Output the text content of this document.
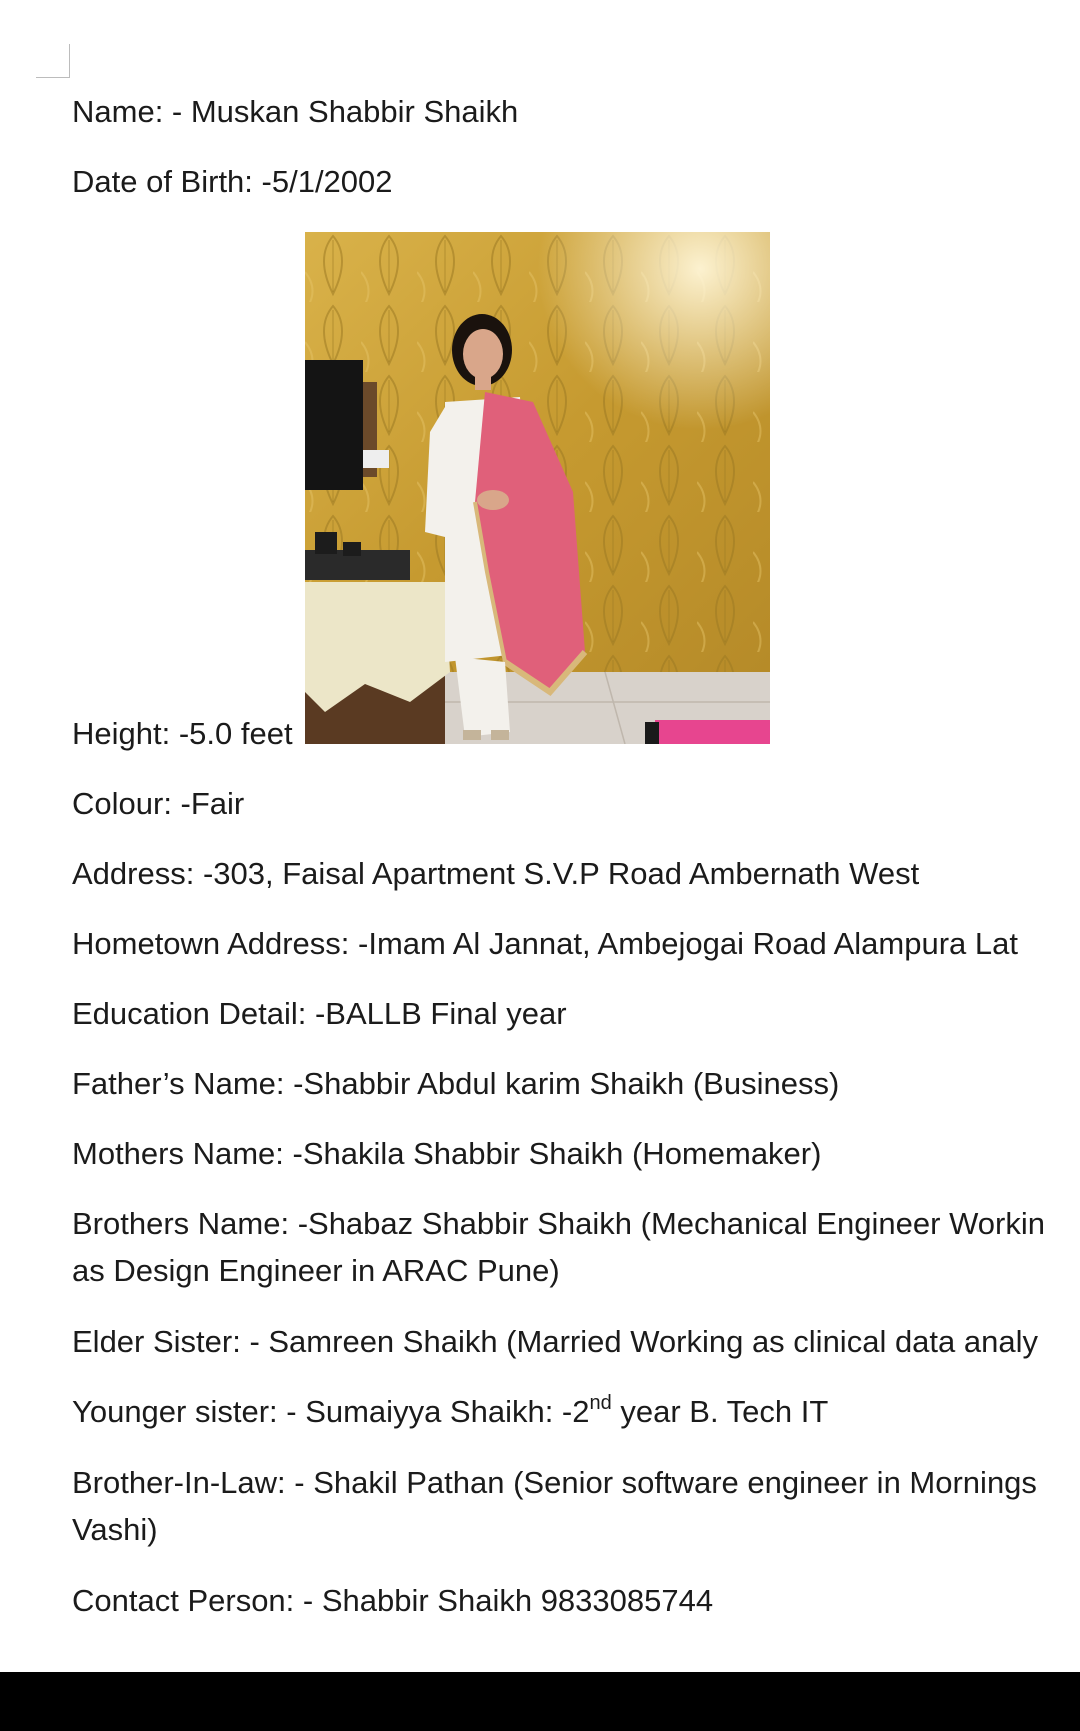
Name: - Muskan Shabbir Shaikh
Date of Birth: -5/1/2002
Height: -5.0 feet
Colour: -Fair
Address: -303, Faisal Apartment S.V.P Road Ambernath West
Hometown Address: -Imam Al Jannat, Ambejogai Road Alampura Lat
Education Detail: -BALLB Final year
Father’s Name: -Shabbir Abdul karim Shaikh (Business)
Mothers Name: -Shakila Shabbir Shaikh (Homemaker)
Brothers Name: -Shabaz Shabbir Shaikh (Mechanical Engineer Workin
as Design Engineer in ARAC Pune)
Elder Sister: - Samreen Shaikh (Married Working as clinical data analy
Younger sister: - Sumaiyya Shaikh: -2nd year B. Tech IT
Brother-In-Law: - Shakil Pathan (Senior software engineer in Mornings
Vashi)
Contact Person: - Shabbir Shaikh 9833085744
